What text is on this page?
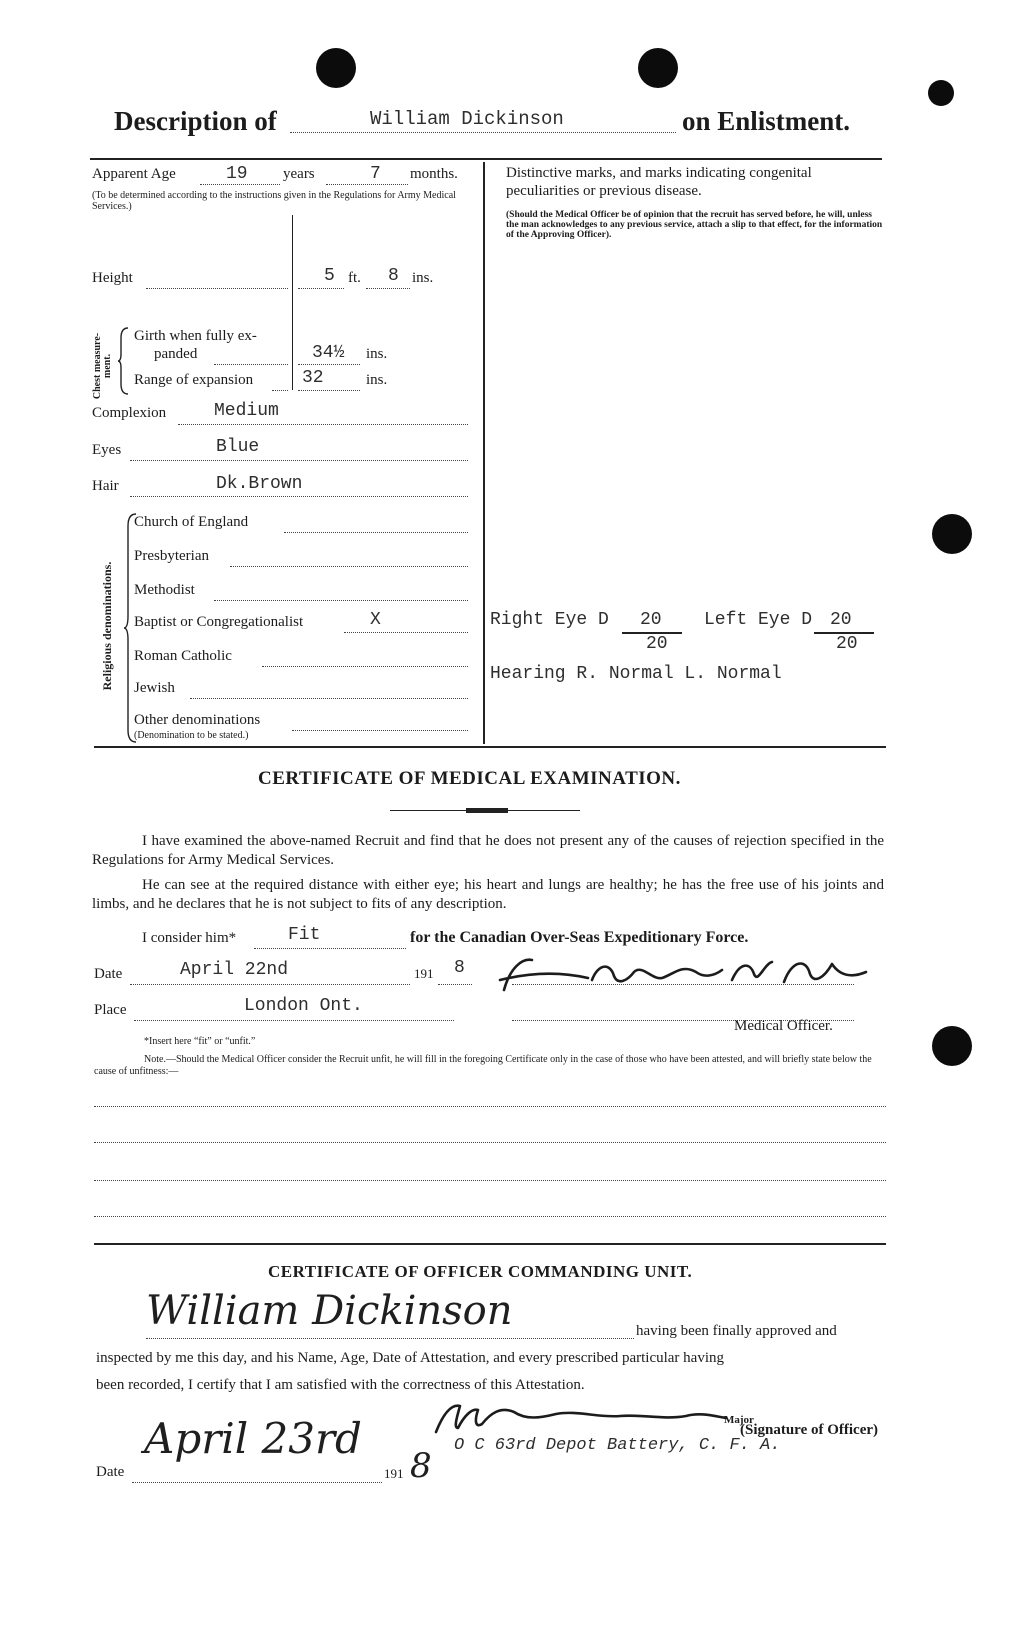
Description of	William Dickinson	on Enlistment.
Apparent Age	19 years	7 months.
(To be determined according to the instructions given in the Regulations for Army Medical Services.)
Height	5 ft. 8 ins.
Chest measure-ment.
Girth when fully ex-
panded	34½ ins.
Range of expansion	32	ins.
Complexion	Medium
Eyes	Blue
Hair	Dk.Brown
Religious denominations.
Church of England
Presbyterian
Methodist
Baptist or Congregationalist	X
Roman Catholic
Jewish
Other denominations
(Denomination to be stated.)
Distinctive marks, and marks indicating congenital peculiarities or previous disease.
(Should the Medical Officer be of opinion that the recruit has served before, he will, unless the man acknowledges to any previous service, attach a slip to that effect, for the information of the Approving Officer).
Right Eye D 20
20
Left Eye D 20
20
Hearing R. Normal L. Normal
CERTIFICATE OF MEDICAL EXAMINATION.
I have examined the above-named Recruit and find that he does not present any of the causes of rejection specified in the Regulations for Army Medical Services.
He can see at the required distance with either eye; his heart and lungs are healthy; he has the free use of his joints and limbs, and he declares that he is not subject to fits of any description.
I consider him*	Fit	for the Canadian Over-Seas Expeditionary Force.
Date	April 22nd	191 8
Place	London Ont.
Medical Officer.
*Insert here “fit” or “unfit.”
Note.—Should the Medical Officer consider the Recruit unfit, he will fill in the foregoing Certificate only in the case of those who have been attested, and will briefly state below the cause of unfitness:—
CERTIFICATE OF OFFICER COMMANDING UNIT.
William Dickinson	having been finally approved and
inspected by me this day, and his Name, Age, Date of Attestation, and every prescribed particular having
been recorded, I certify that I am satisfied with the correctness of this Attestation.
Major
(Signature of Officer)
O C 63rd Depot Battery, C. F. A.
April 23rd
Date	191 8
